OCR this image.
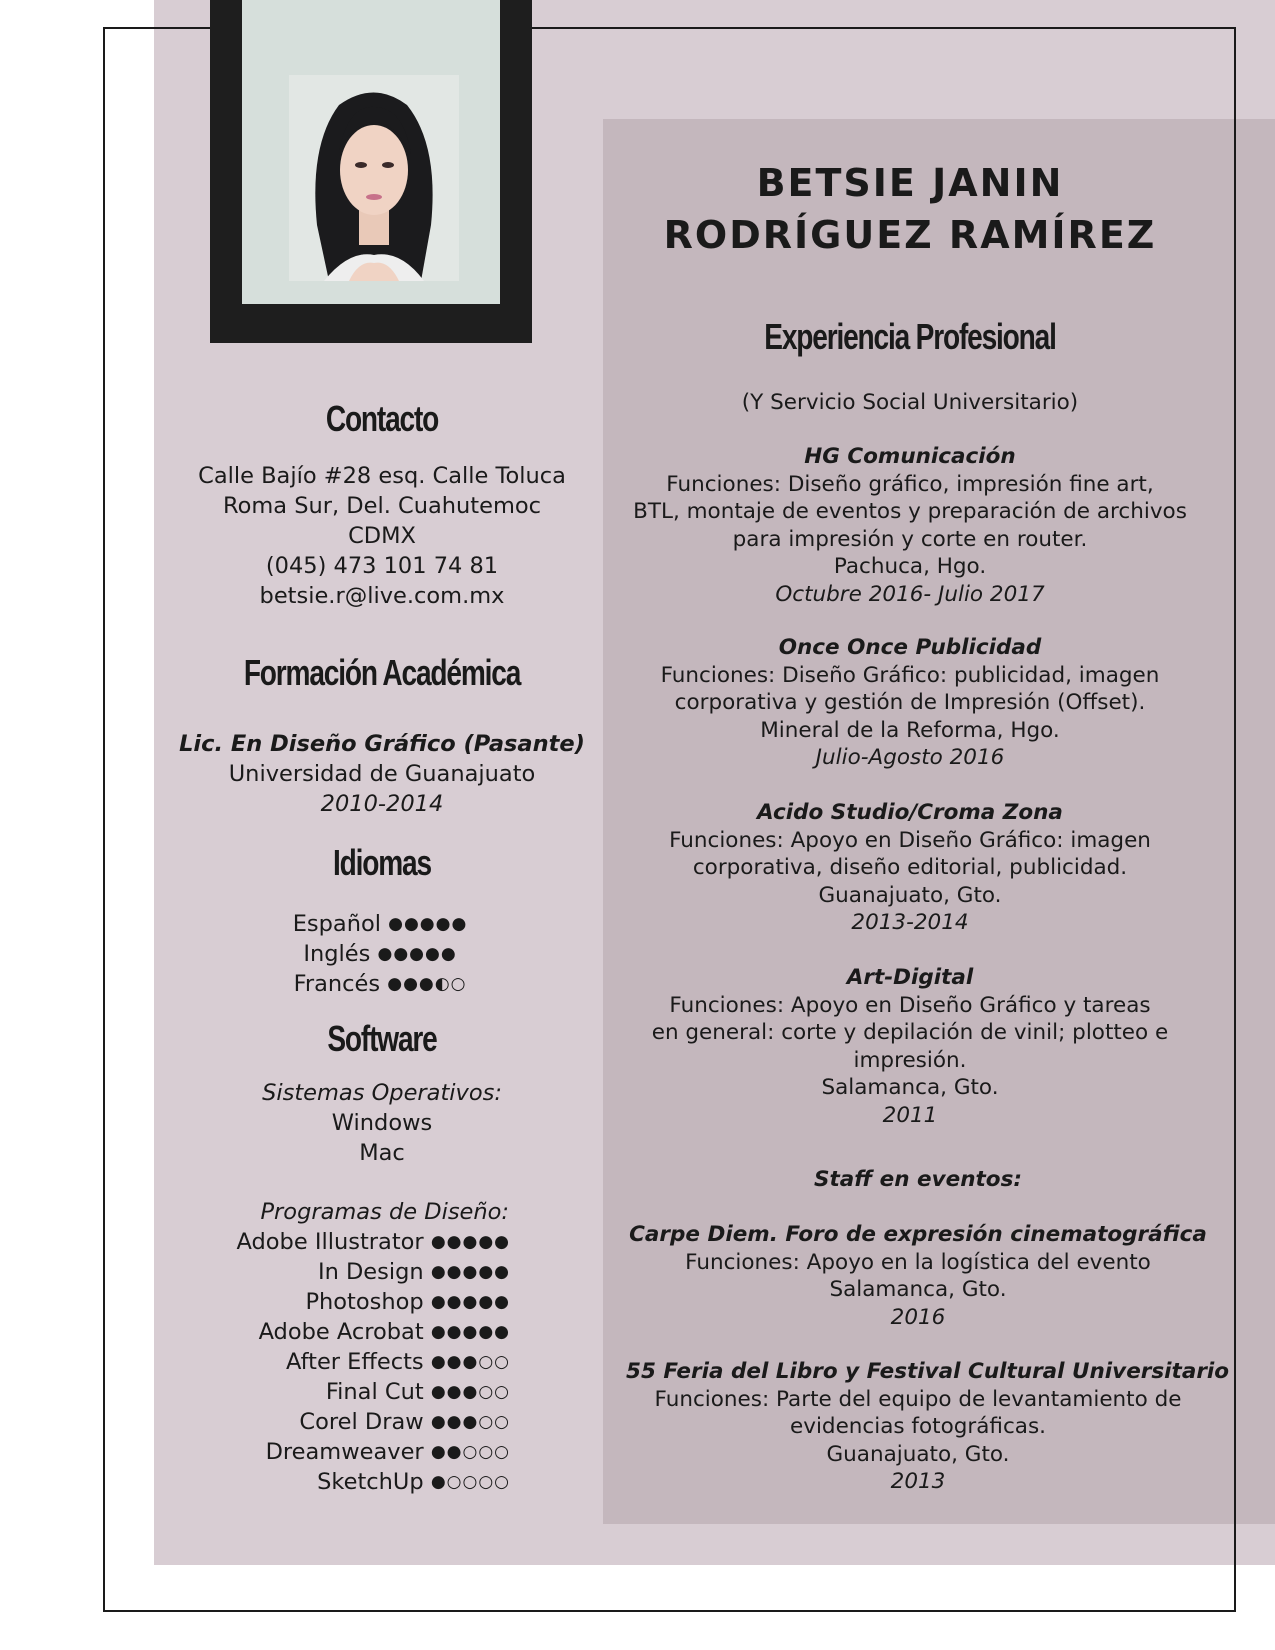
Contacto
Calle Bajío #28 esq. Calle Toluca
Roma Sur, Del. Cuahutemoc
CDMX
(045) 473 101 74 81
betsie.r@live.com.mx
Formación Académica
Lic. En Diseño Gráfico (Pasante)
Universidad de Guanajuato
2010-2014
Idiomas
Español ●●●●●
Inglés ●●●●●
Francés ●●●◐○
Software
Sistemas Operativos:
Windows
Mac
Programas de Diseño:
Adobe Illustrator ●●●●●
In Design ●●●●●
Photoshop ●●●●●
Adobe Acrobat ●●●●●
After Effects ●●●○○
Final Cut ●●●○○
Corel Draw ●●●○○
Dreamweaver ●●○○○
SketchUp ●○○○○
BETSIE JANIN
RODRÍGUEZ RAMÍREZ
Experiencia Profesional
(Y Servicio Social Universitario)
HG Comunicación
Funciones: Diseño gráfico, impresión fine art,
BTL, montaje de eventos y preparación de archivos
para impresión y corte en router.
Pachuca, Hgo.
Octubre 2016- Julio 2017
Once Once Publicidad
Funciones: Diseño Gráfico: publicidad, imagen
corporativa y gestión de Impresión (Offset).
Mineral de la Reforma, Hgo.
Julio-Agosto 2016
Acido Studio/Croma Zona
Funciones: Apoyo en Diseño Gráfico: imagen
corporativa, diseño editorial, publicidad.
Guanajuato, Gto.
2013-2014
Art-Digital
Funciones: Apoyo en Diseño Gráfico y tareas
en general: corte y depilación de vinil; plotteo e
impresión.
Salamanca, Gto.
2011
Staff en eventos:
Carpe Diem. Foro de expresión cinematográfica
Funciones: Apoyo en la logística del evento
Salamanca, Gto.
2016
55 Feria del Libro y Festival Cultural Universitario
Funciones: Parte del equipo de levantamiento de
evidencias fotográficas.
Guanajuato, Gto.
2013
